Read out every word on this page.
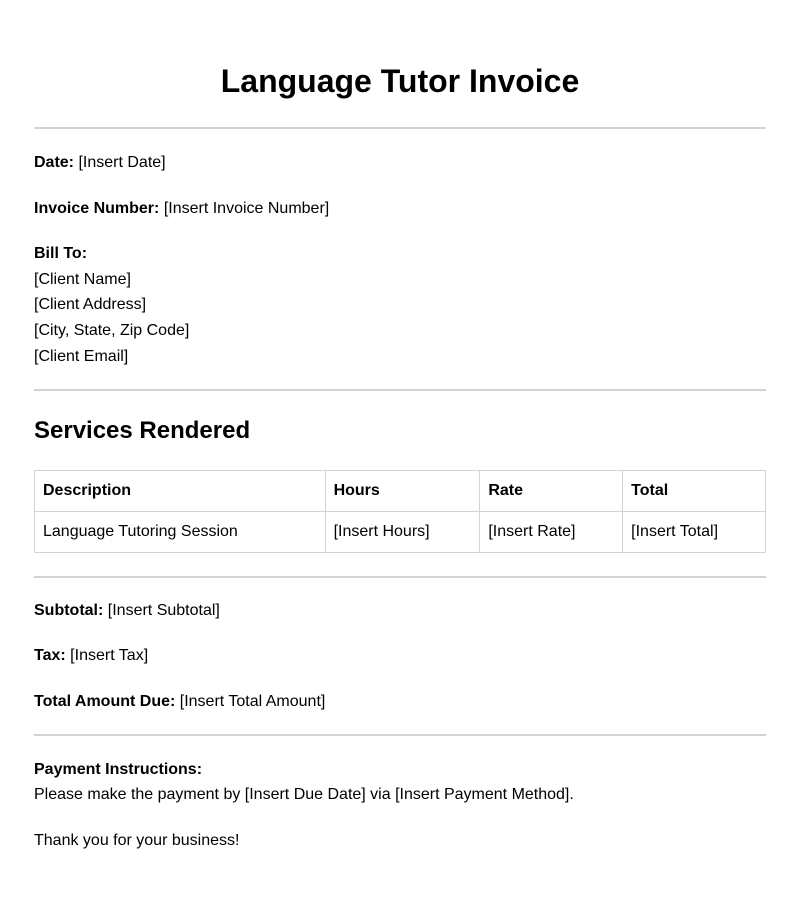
Language Tutor Invoice
Date: [Insert Date]
Invoice Number: [Insert Invoice Number]
Bill To:
[Client Name]
[Client Address]
[City, State, Zip Code]
[Client Email]
Services Rendered
Description	Hours	Rate	Total
Language Tutoring Session	[Insert Hours]	[Insert Rate]	[Insert Total]
Subtotal: [Insert Subtotal]
Tax: [Insert Tax]
Total Amount Due: [Insert Total Amount]
Payment Instructions:
Please make the payment by [Insert Due Date] via [Insert Payment Method].
Thank you for your business!
